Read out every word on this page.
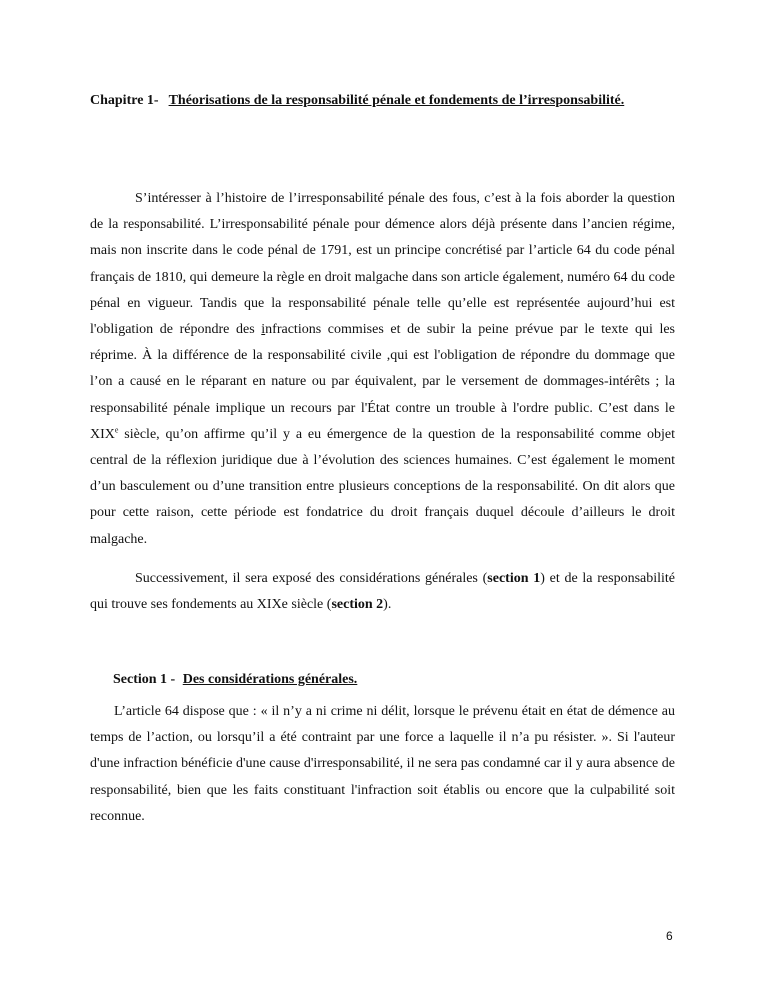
Chapitre 1- Théorisations de la responsabilité pénale et fondements de l’irresponsabilité.

S’intéresser à l’histoire de l’irresponsabilité pénale des fous, c’est à la fois aborder la question de la responsabilité. L’irresponsabilité pénale pour démence alors déjà présente dans l’ancien régime, mais non inscrite dans le code pénal de 1791, est un principe concrétisé par l’article 64 du code pénal français de 1810, qui demeure la règle en droit malgache dans son article également, numéro 64 du code pénal en vigueur. Tandis que la responsabilité pénale telle qu’elle est représentée aujourd’hui est l'obligation de répondre des infractions commises et de subir la peine prévue par le texte qui les réprime. À la différence de la responsabilité civile ,qui est l'obligation de répondre du dommage que l’on a causé en le réparant en nature ou par équivalent, par le versement de dommages-intérêts ; la responsabilité pénale implique un recours par l'État contre un trouble à l'ordre public. C’est dans le XIXe siècle, qu’on affirme qu’il y a eu émergence de la question de la responsabilité comme objet central de la réflexion juridique due à l’évolution des sciences humaines. C’est également le moment d’un basculement ou d’une transition entre plusieurs conceptions de la responsabilité. On dit alors que pour cette raison, cette période est fondatrice du droit français duquel découle d’ailleurs le droit malgache.

Successivement, il sera exposé des considérations générales (section 1) et de la responsabilité qui trouve ses fondements au XIXe siècle (section 2).

Section 1 - Des considérations générales.

L’article 64 dispose que : « il n’y a ni crime ni délit, lorsque le prévenu était en état de démence au temps de l’action, ou lorsqu’il a été contraint par une force a laquelle il n’a pu résister. ». Si l'auteur d'une infraction bénéficie d'une cause d'irresponsabilité, il ne sera pas condamné car il y aura absence de responsabilité, bien que les faits constituant l'infraction soit établis ou encore que la culpabilité soit reconnue.

6
